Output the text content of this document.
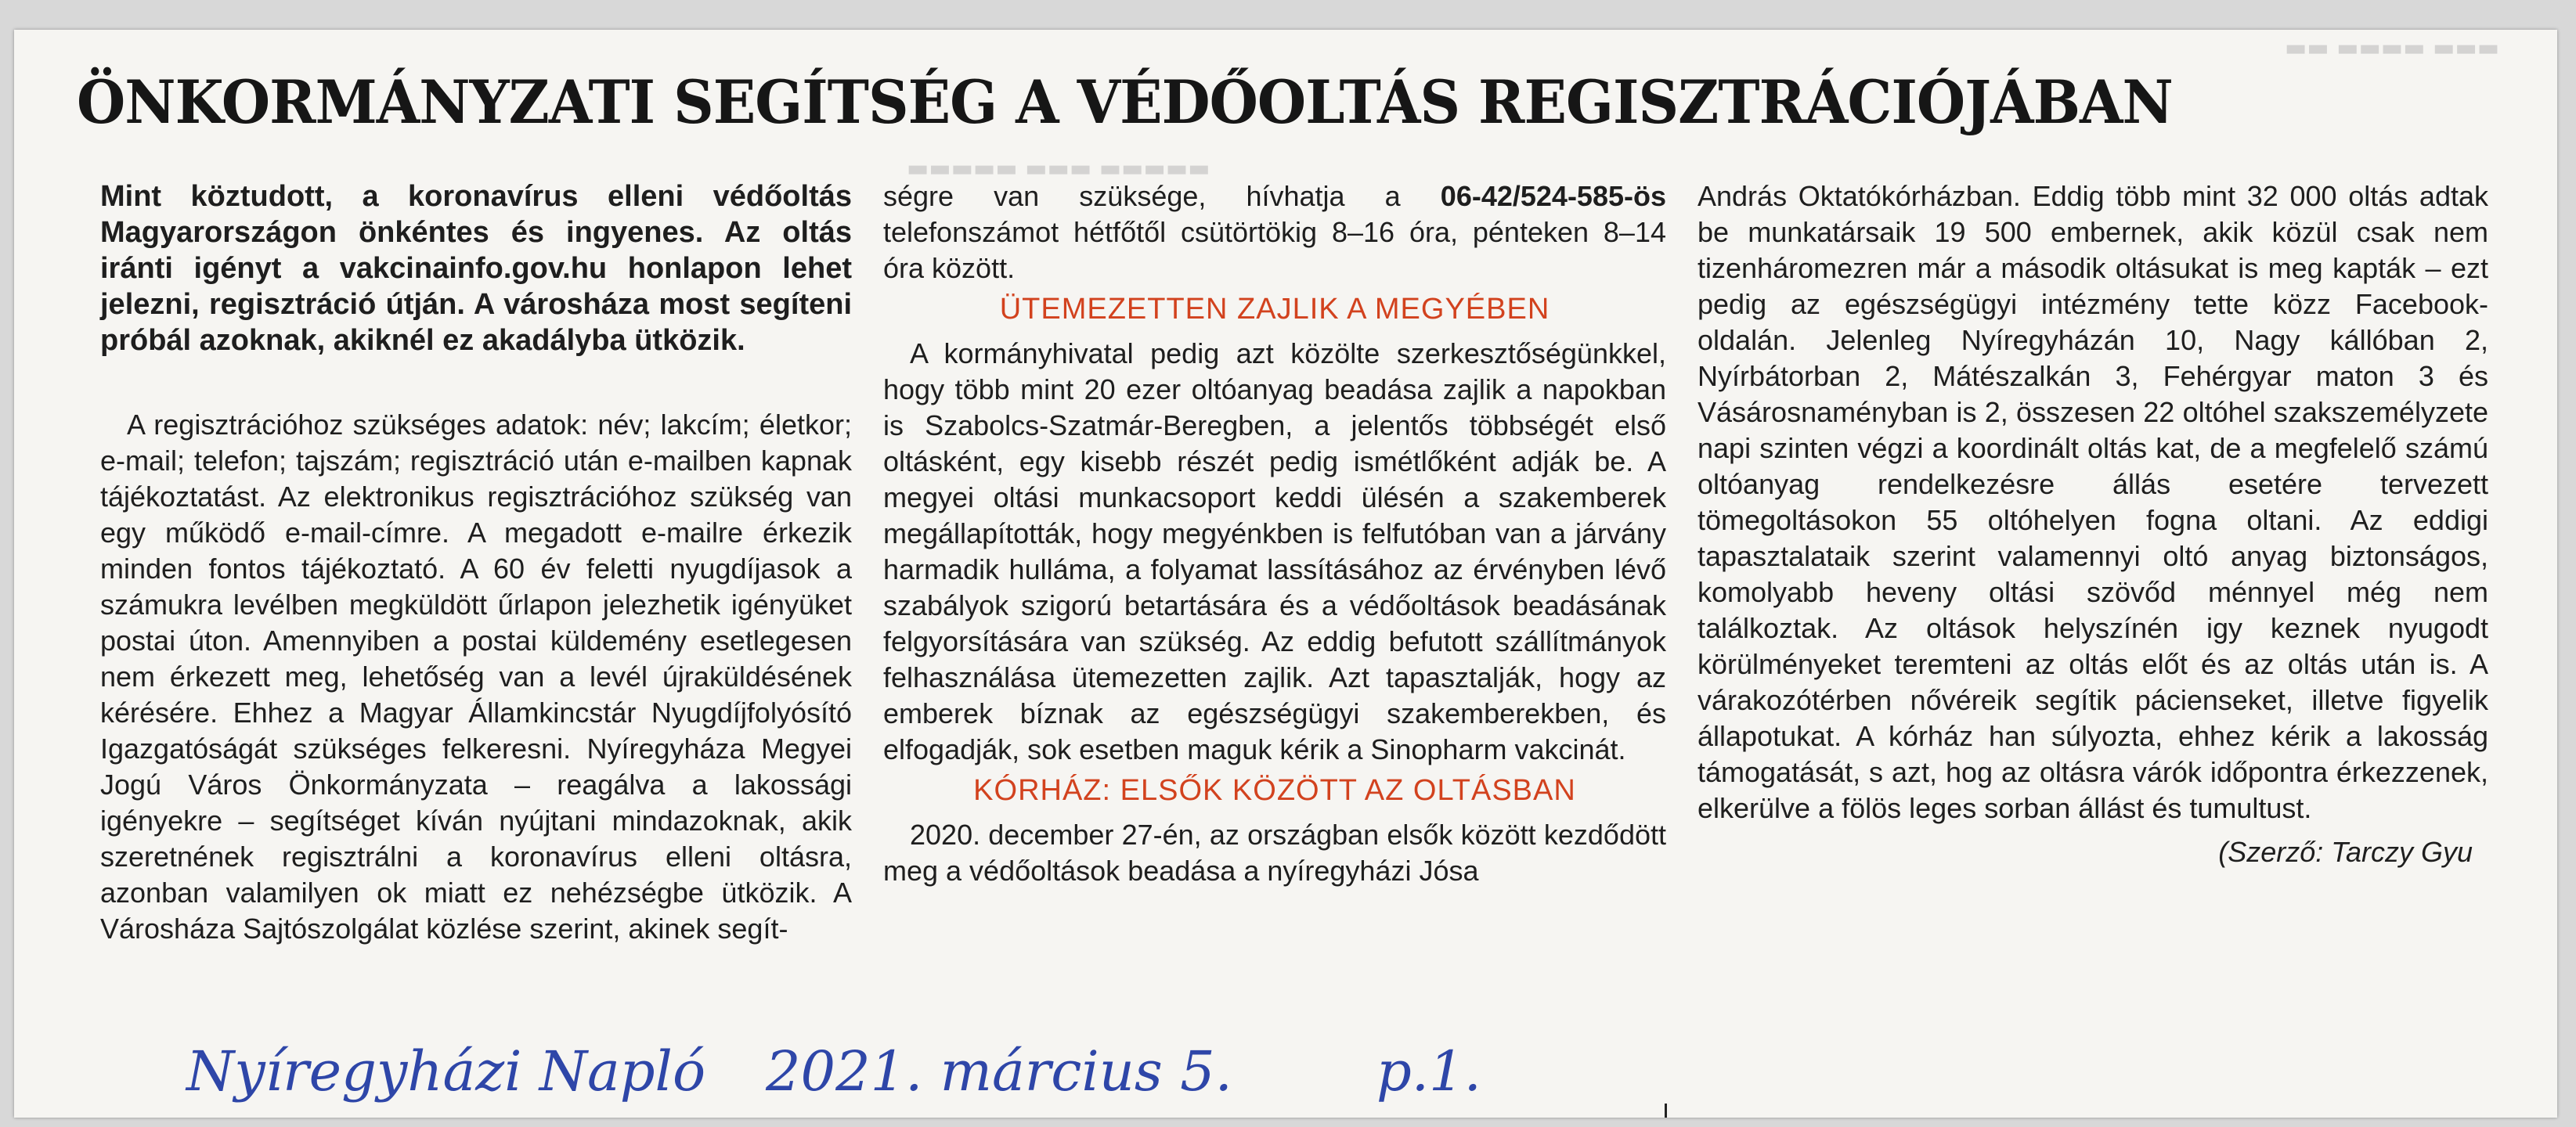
▬▬ ▬▬▬▬ ▬▬▬
▬▬▬▬▬ ▬▬▬ ▬▬▬▬▬
ÖNKORMÁNYZATI SEGÍTSÉG A VÉDŐOLTÁS REGISZTRÁCIÓJÁBAN

Mint köztudott, a koronavírus elleni védőoltás Magyarországon önkéntes és ingyenes. Az oltás iránti igényt a vakcinainfo.gov.hu honlapon lehet jelezni, regisztráció útján. A városháza most segíteni próbál azoknak, akiknél ez akadályba ütközik.

A regisztrációhoz szükséges adatok: név; lakcím; életkor; e-mail; telefon; tajszám; regisztráció után e-mailben kapnak tájékoztatást. Az elektronikus regisztrációhoz szükség van egy működő e-mail-címre. A megadott e-mailre érkezik minden fontos tájékoztató. A 60 év feletti nyugdíjasok a számukra levélben megküldött űrlapon jelezhetik igényüket postai úton. Amennyiben a postai küldemény esetlegesen nem érkezett meg, lehetőség van a levél újraküldésének kérésére. Ehhez a Magyar Államkincstár Nyugdíjfolyósító Igazgatóságát szükséges felkeresni. Nyíregyháza Megyei Jogú Város Önkormányzata – reagálva a lakossági igényekre – segítséget kíván nyújtani mindazoknak, akik szeretnének regisztrálni a koronavírus elleni oltásra, azonban valamilyen ok miatt ez nehézségbe ütközik. A Városháza Sajtószolgálat közlése szerint, akinek segít-

ségre van szüksége, hívhatja a 06-42/524-585-ös telefonszámot hétfőtől csütörtökig 8–16 óra, pénteken 8–14 óra között.

ÜTEMEZETTEN ZAJLIK A MEGYÉBEN

A kormányhivatal pedig azt közölte szerkesztőségünkkel, hogy több mint 20 ezer oltóanyag beadása zajlik a napokban is Szabolcs-Szatmár-Beregben, a jelentős többségét első oltásként, egy kisebb részét pedig ismétlőként adják be. A megyei oltási munkacsoport keddi ülésén a szakemberek megállapították, hogy megyénkben is felfutóban van a járvány harmadik hulláma, a folyamat lassításához az érvényben lévő szabályok szigorú betartására és a védőoltások beadásának felgyorsítására van szükség. Az eddig befutott szállítmányok felhasználása ütemezetten zajlik. Azt tapasztalják, hogy az emberek bíznak az egészségügyi szakemberekben, és elfogadják, sok esetben maguk kérik a Sinopharm vakcinát.

KÓRHÁZ: ELSŐK KÖZÖTT AZ OLTÁSBAN

2020. december 27-én, az országban elsők között kezdődött meg a védőoltások beadása a nyíregyházi Jósa

András Oktatókórházban. Eddig több mint 32 000 oltás adtak be munkatársaik 19 500 embernek, akik közül csak nem tizenháromezren már a második oltásukat is meg kapták – ezt pedig az egészségügyi intézmény tette közz Facebook-oldalán. Jelenleg Nyíregyházán 10, Nagy kállóban 2, Nyírbátorban 2, Mátészalkán 3, Fehérgyar maton 3 és Vásárosnaményban is 2, összesen 22 oltóhel szakszemélyzete napi szinten végzi a koordinált oltás kat, de a megfelelő számú oltóanyag rendelkezésre állás esetére tervezett tömegoltásokon 55 oltóhelyen fogna oltani. Az eddigi tapasztalataik szerint valamennyi oltó anyag biztonságos, komolyabb heveny oltási szövőd ménnyel még nem találkoztak. Az oltások helyszínén igy keznek nyugodt körülményeket teremteni az oltás előt és az oltás után is. A várakozótérben nővéreik segítik pácienseket, illetve figyelik állapotukat. A kórház han súlyozta, ehhez kérik a lakosság támogatását, s azt, hog az oltásra várók időpontra érkezzenek, elkerülve a fölös leges sorban állást és tumultust.

(Szerző: Tarczy Gyu
Nyíregyházi Napló 2021. március 5.	p.1.
